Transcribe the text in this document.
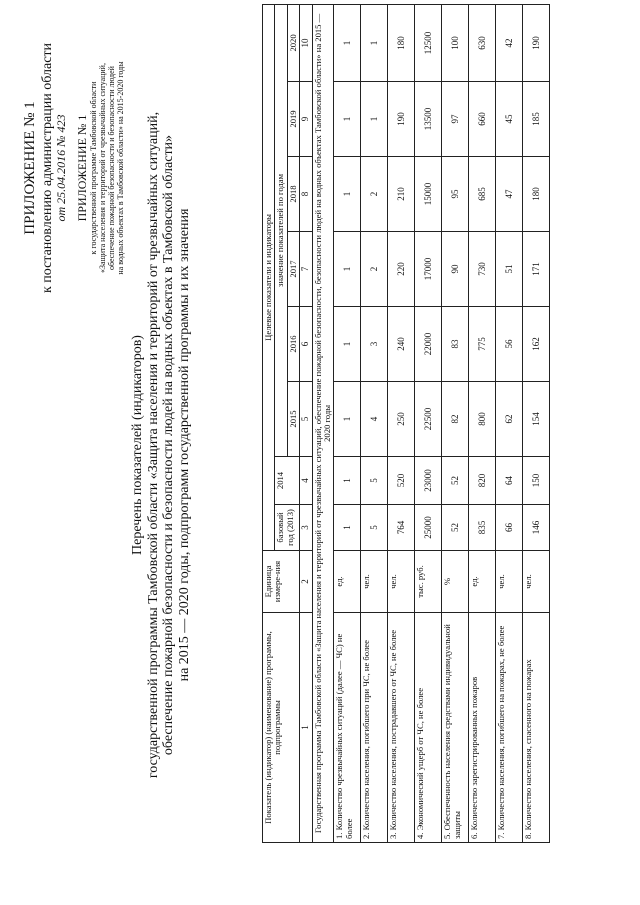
ПРИЛОЖЕНИЕ № 1 к постановлению администрации области от 25.04.2016 № 423 ПРИЛОЖЕНИЕ № 1 к государственной программе Тамбовской области «Защита населения и территорий от чрезвычайных ситуаций, обеспечение пожарной безопасности и безопасности людей на водных объектах в Тамбовской области» на 2015-2020 годы
Перечень показателей (индикаторов) государственной программы Тамбовской области «Защита населения и территорий от чрезвычайных ситуаций, обеспечение пожарной безопасности и безопасности людей на водных объектах в Тамбовской области» на 2015 — 2020 годы, подпрограмм государственной программы и их значения
Показатель (индикатор) (наименование) программы, подпрограммы	Единица измере-ния	Целевые показатели и индикаторы							
		базовый год (2013)	2014	значение показателей по годам					
				2015	2016	2017	2018	2019	2020
1	2	3	4	5	6	7	8	9	10
Государственная программа Тамбовской области «Защита населения и территорий от чрезвычайных ситуаций, обеспечение пожарной безопасности, безопасности людей на водных объектах Тамбовской области» на 2015 — 2020 годы									
1. Количество чрезвычайных ситуаций (далее — ЧС) не более	ед.	1	1	1	1	1	1	1	1
2. Количество населения, погибшего при ЧС, не более	чел.	5	5	4	3	2	2	1	1
3. Количество населения, пострадавшего от ЧС, не более	чел.	764	520	250	240	220	210	190	180
4. Экономический ущерб от ЧС, не более	тыс. руб.	25000	23000	22500	22000	17000	15000	13500	12500
5. Обеспеченность населения средствами индивидуальной защиты	%	52	52	82	83	90	95	97	100
6. Количество зарегистрированных пожаров	ед.	835	820	800	775	730	685	660	630
7. Количество населения, погибшего на пожарах, не более	чел.	66	64	62	56	51	47	45	42
8. Количество населения, спасенного на пожарах	чел.	146	150	154	162	171	180	185	190
